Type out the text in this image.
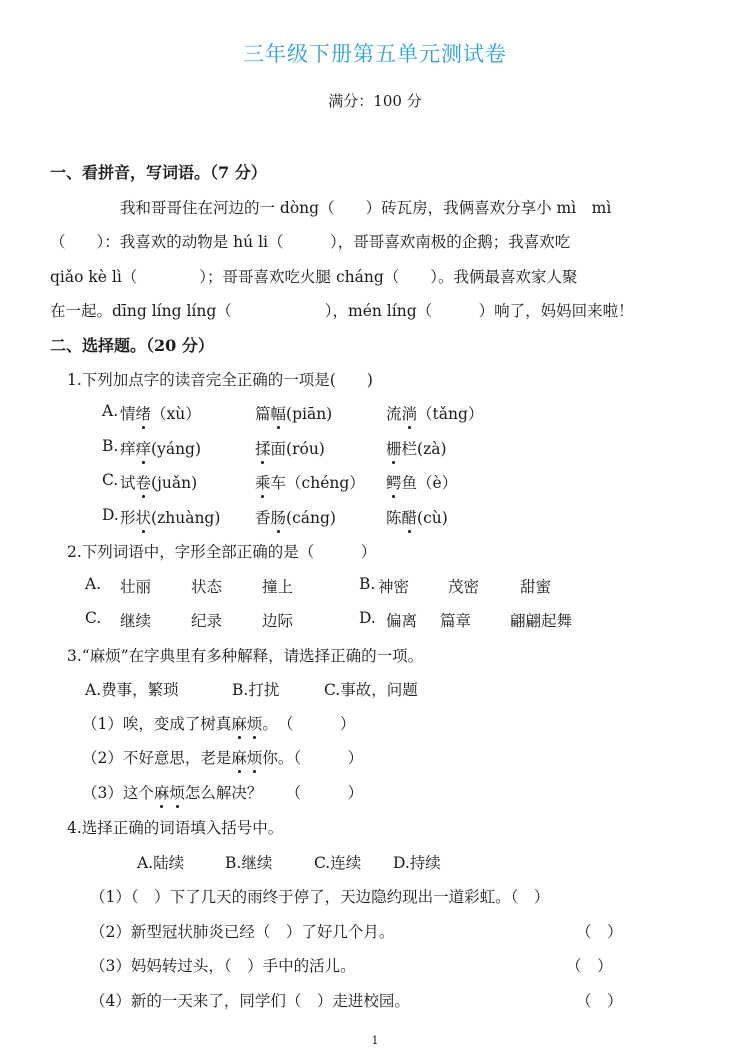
三年级下册第五单元测试卷
满分：100 分
一、看拼音，写词语。（7 分）
我和哥哥住在河边的一 dòng（　　）砖瓦房，我俩喜欢分享小 mì　mì
（　　）：我喜欢的动物是 hú li（　　　），哥哥喜欢南极的企鹅；我喜欢吃
qiǎo kè lì（　　　　）；哥哥喜欢吃火腿 cháng（　　）。我俩最喜欢家人聚
在一起。dīng líng líng（　　　　　　），mén líng（　　　）响了，妈妈回来啦！
二、选择题。（20 分）
1.下列加点字的读音完全正确的一项是(　　)
A. 情绪（xù）	篇幅(piān)	流淌（tǎng）
B. 痒痒(yáng)	揉面(róu)	栅栏(zà)
C. 试卷(juǎn)	乘车（chéng） 鳄鱼（è）
D. 形状(zhuàng) 香肠(cáng)	陈醋(cù)
2.下列词语中，字形全部正确的是（　　　）
A. 壮丽	状态	撞上	B. 神密	茂密	甜蜜
C. 继续	纪录	边际	D. 偏离 篇章	翩翩起舞
3.“麻烦”在字典里有多种解释，请选择正确的一项。
A.费事，繁琐	B.打扰	C.事故，问题
（1）唉，变成了树真麻烦。　（　　　）
（2）不好意思，老是麻烦你。（　　　）
（3）这个麻烦怎么解决？　　（　　　）
4.选择正确的词语填入括号中。
A.陆续	B.继续	C.连续 D.持续
（1）（　）下了几天的雨终于停了，天边隐约现出一道彩虹。（　）
（2）新型冠状肺炎已经（　）了好几个月。	（　）
（3）妈妈转过头，（　）手中的活儿。	（　）
（4）新的一天来了，同学们（　）走进校园。	（　）
1
